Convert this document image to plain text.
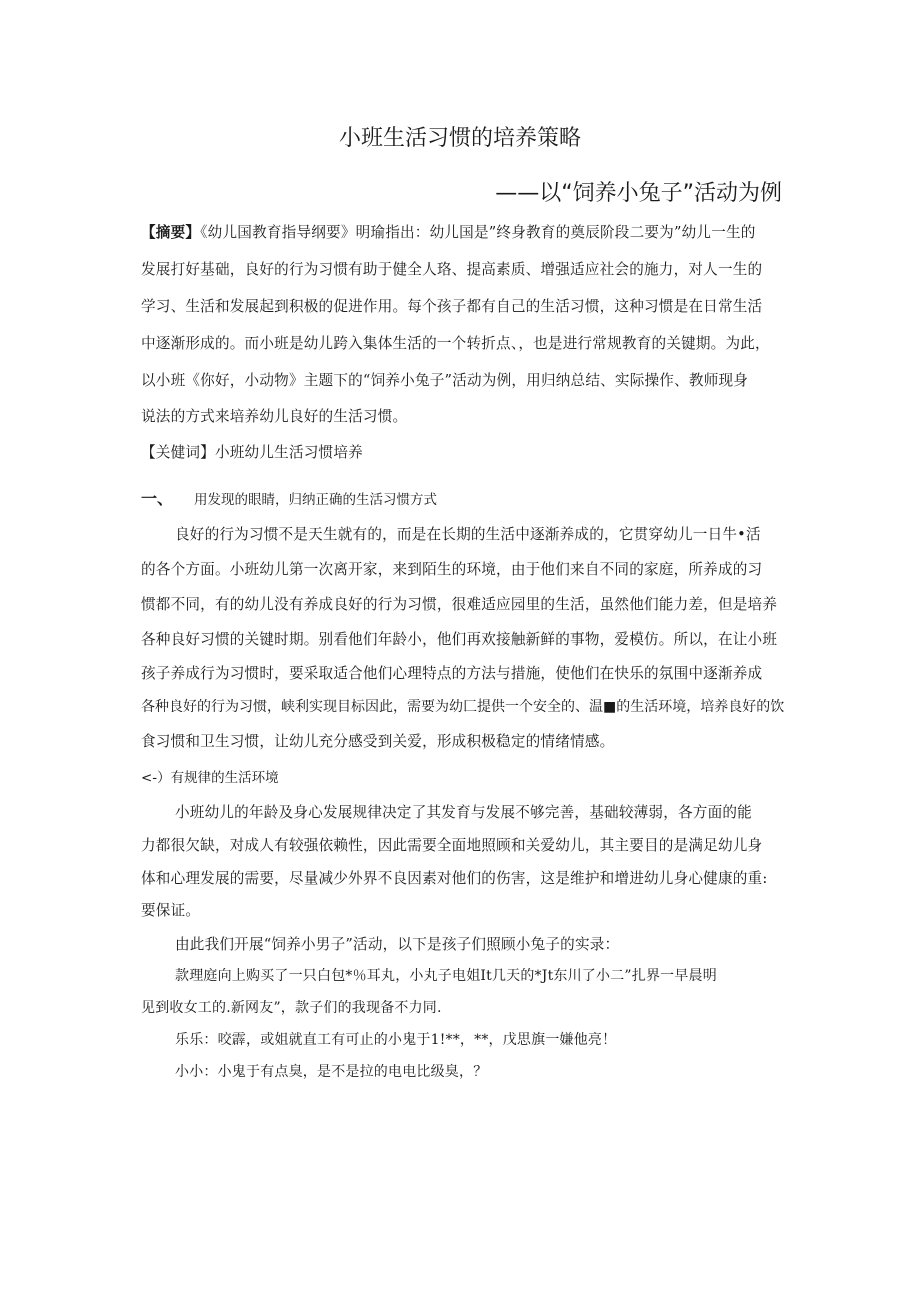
小班生活习惯的培养策略
——以“饲养小兔子”活动为例
【摘要】《幼儿国教育指导纲要》明瑜指出：幼儿国是”终身教育的奠辰阶段二要为”幼儿一生的
发展打好基础，良好的行为习惯有助于健全人珞、提高素质、增强适应社会的施力，对人一生的
学习、生活和发展起到积极的促进作用。每个孩子都有自己的生活习惯，这种习惯是在日常生活
中逐渐形成的。而小班是幼儿跨入集体生活的一个转折点、，也是进行常规教育的关键期。为此，
以小班《你好，小动物》主题下的“饲养小兔子”活动为例，用归纳总结、实际操作、教师现身
说法的方式来培养幼儿良好的生活习惯。
【关健词】小班幼儿生活习惯培养
一、 用发现的眼睛，归纳正确的生活习惯方式
良好的行为习惯不是天生就有的，而是在长期的生活中逐渐养成的，它贯穿幼儿一日牛•活
的各个方面。小班幼儿第一次离开家，来到陌生的环境，由于他们来自不同的家庭，所养成的习
惯都不同，有的幼儿没有养成良好的行为习惯，很难适应园里的生活，虽然他们能力差，但是培养
各种良好习惯的关键时期。别看他们年龄小，他们再欢接触新鲜的事物，爱模仿。所以，在让小班
孩子养成行为习惯时，要采取适合他们心理特点的方法与措施，使他们在快乐的氛围中逐渐养成
各种良好的行为习惯，峡利实现目标因此，需要为幼匚提供一个安全的、温■的生活环境，培养良好的饮
食习惯和卫生习惯，让幼儿充分感受到关爱，形成积极稳定的情绪情感。
<-）有规律的生活环境
小班幼儿的年龄及身心发展规律决定了其发育与发展不够完善，基础较薄弱，各方面的能
力都很欠缺，对成人有较强依赖性，因此需要全面地照顾和关爱幼儿，其主要目的是满足幼儿身
体和心理发展的需要，尽量减少外界不良因素对他们的伤害，这是维护和增进幼儿身心健康的重:
要保证。
由此我们开展“饲养小男子”活动，以下是孩子们照顾小兔子的实录：
款理庭向上购买了一只白包*％耳丸，小丸子电姐It几天的*Jt东川了小二”扎界一早晨明
见到收女工的.新网友”，款子们的我现备不力同.
乐乐：咬霹，或姐就直工有可止的小鬼于1!**，**，戊思旗一嫌他亮！
小小：小鬼于有点臭，是不是拉的电电比级臭，？
